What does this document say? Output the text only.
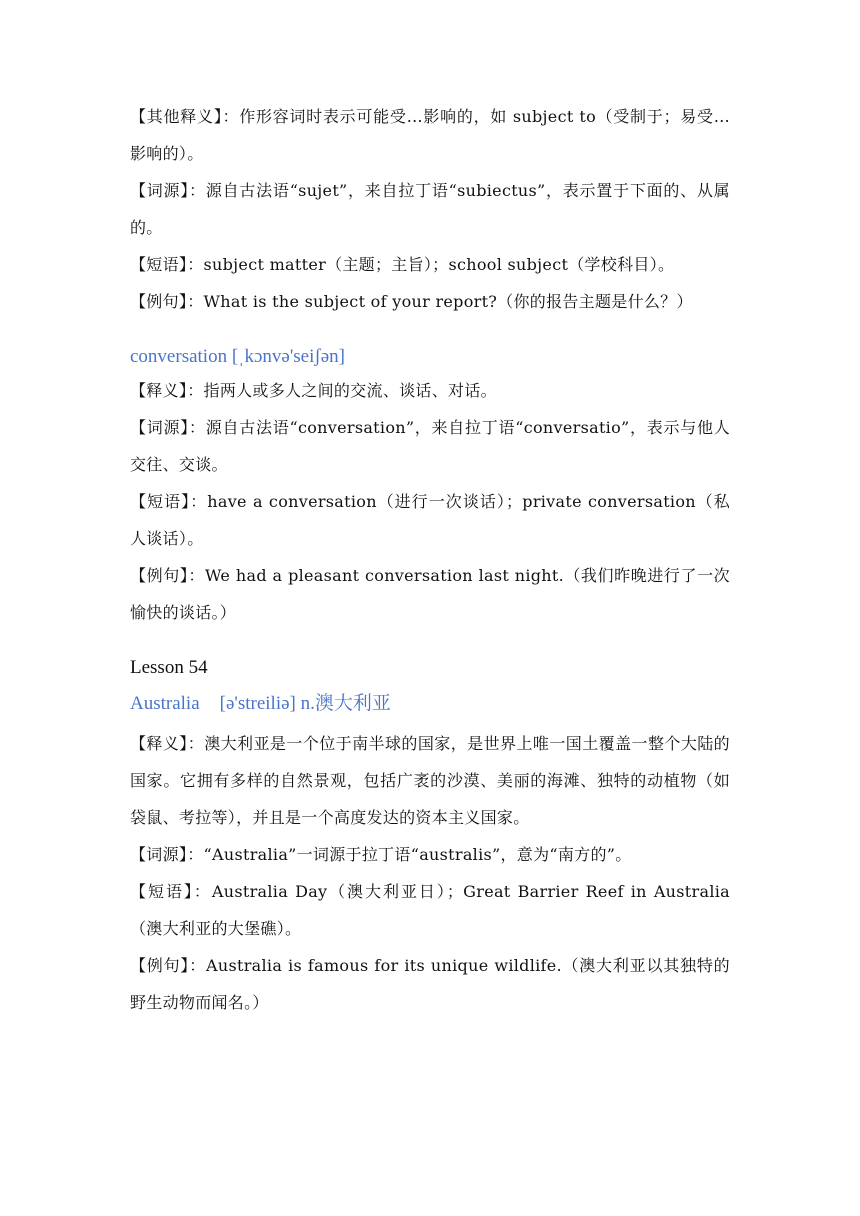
【其他释义】：作形容词时表示可能受…影响的，如 subject to（受制于；易受…影响的）。
【词源】：源自古法语“sujet”，来自拉丁语“subiectus”，表示置于下面的、从属的。
【短语】：subject matter（主题；主旨）；school subject（学校科目）。
【例句】：What is the subject of your report?（你的报告主题是什么？）
conversation [ˌkɔnvə'seiʃən]
【释义】：指两人或多人之间的交流、谈话、对话。
【词源】：源自古法语“conversation”，来自拉丁语“conversatio”，表示与他人交往、交谈。
【短语】：have a conversation（进行一次谈话）；private conversation（私人谈话）。
【例句】：We had a pleasant conversation last night.（我们昨晚进行了一次愉快的谈话。）
Lesson 54
Australia [ə'streiliə] n.澳大利亚
【释义】：澳大利亚是一个位于南半球的国家，是世界上唯一国土覆盖一整个大陆的国家。它拥有多样的自然景观，包括广袤的沙漠、美丽的海滩、独特的动植物（如袋鼠、考拉等），并且是一个高度发达的资本主义国家。
【词源】：“Australia”一词源于拉丁语“australis”，意为“南方的”。
【短语】：Australia Day（澳大利亚日）；Great Barrier Reef in Australia（澳大利亚的大堡礁）。
【例句】：Australia is famous for its unique wildlife.（澳大利亚以其独特的野生动物而闻名。）
